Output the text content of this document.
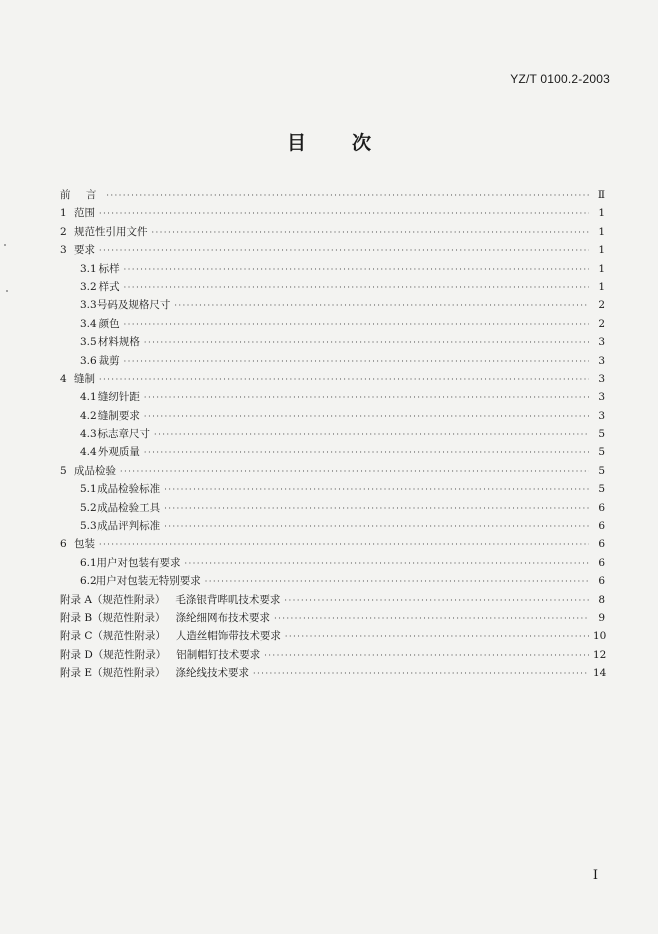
YZ/T 0100.2-2003
目 次
前 言 ·····	Ⅱ
1 范围 ·····	1
2 规范性引用文件 ·····	1
3 要求 ·····	1
3.1 标样 ·····	1
3.2 样式 ·····	1
3.3 号码及规格尺寸 ·····	2
3.4 颜色 ·····	2
3.5 材料规格 ·····	3
3.6 裁剪 ·····	3
4 缝制 ·····	3
4.1 缝纫针距 ·····	3
4.2 缝制要求 ·····	3
4.3 标志章尺寸 ·····	5
4.4 外观质量 ·····	5
5 成品检验 ·····	5
5.1 成品检验标准 ·····	5
5.2 成品检验工具 ·····	6
5.3 成品评判标准 ·····	6
6 包装 ·····	6
6.1 用户对包装有要求 ·····	6
6.2 用户对包装无特别要求 ·····	6
附录 A（规范性附录） 毛涤银背哔叽技术要求 ·····	8
附录 B（规范性附录） 涤纶细网布技术要求 ·····	9
附录 C（规范性附录） 人造丝帽饰带技术要求 ·····	10
附录 D（规范性附录） 铝制帽钉技术要求 ·····	12
附录 E（规范性附录） 涤纶线技术要求 ·····	14
I
